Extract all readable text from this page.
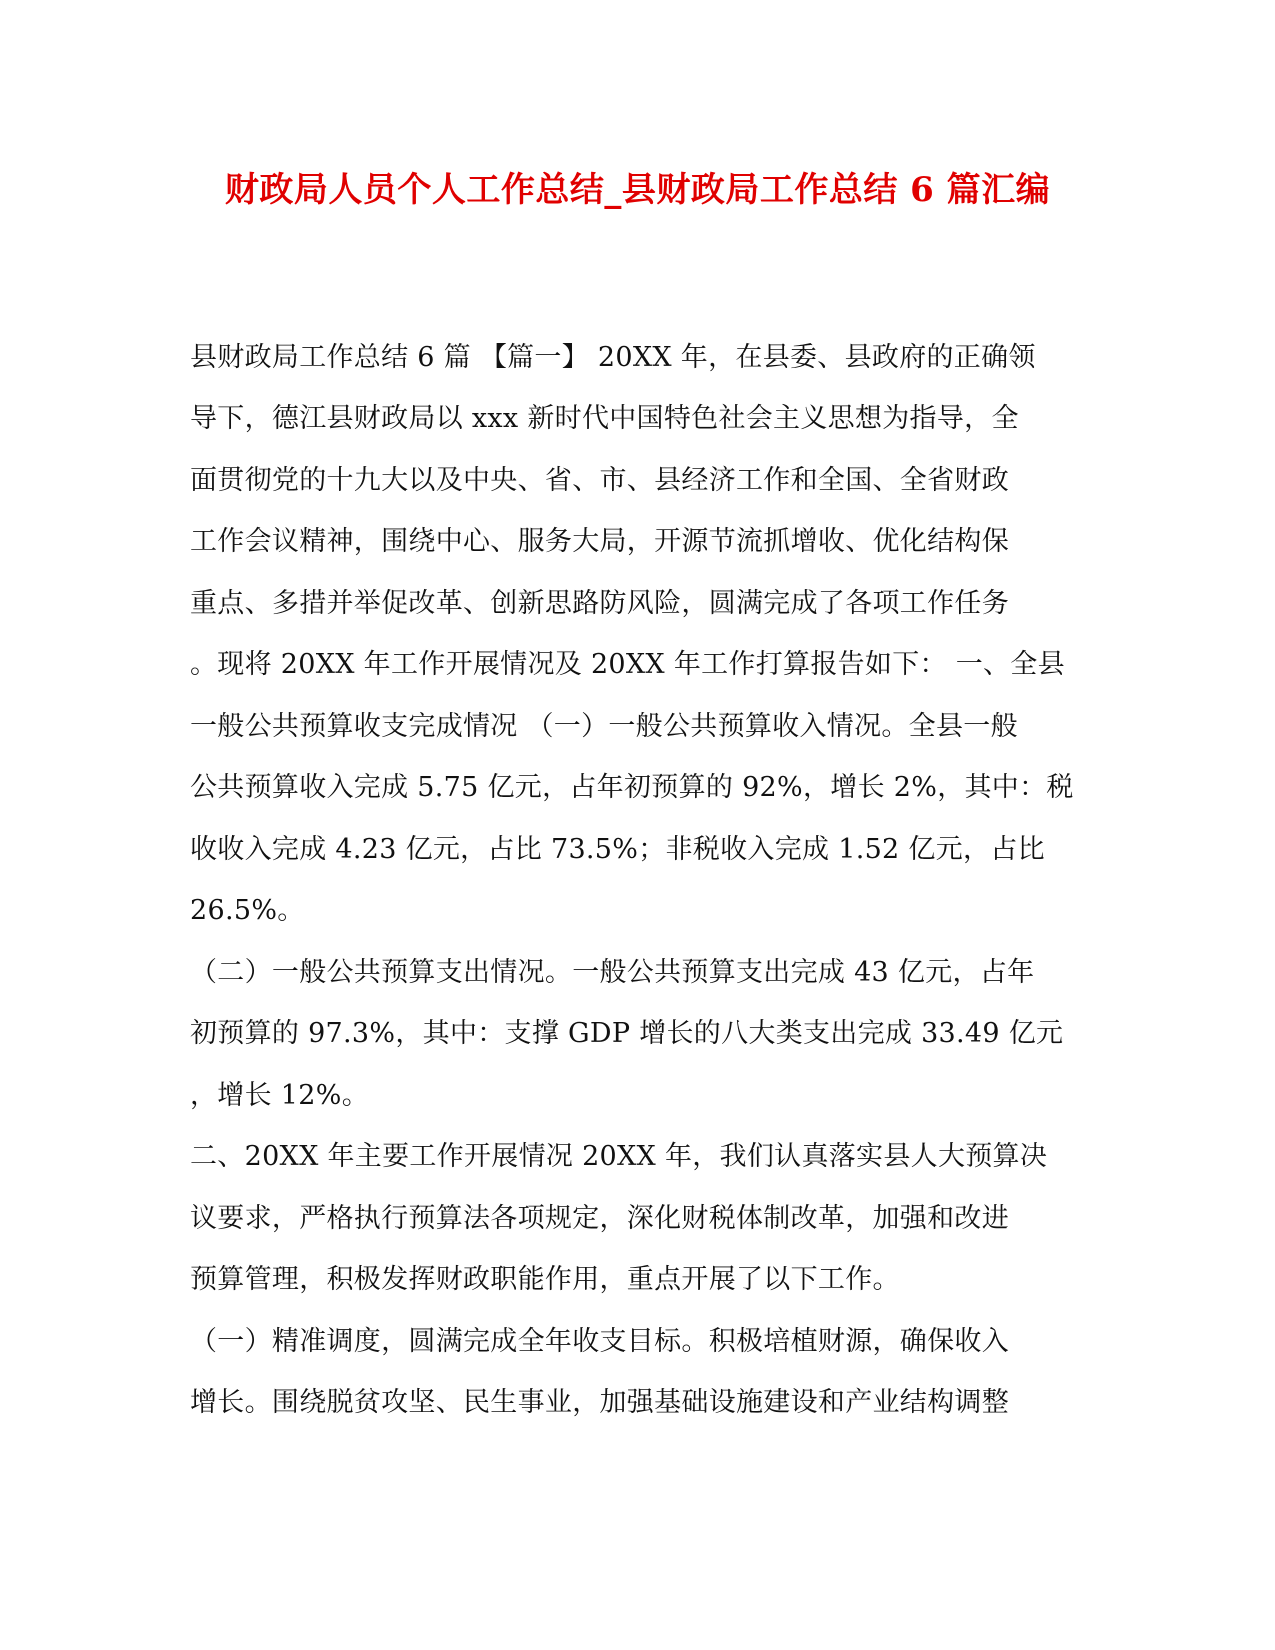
财政局人员个人工作总结_县财政局工作总结 6 篇汇编
县财政局工作总结 6 篇 【篇一】 20XX 年，在县委、县政府的正确领
导下，德江县财政局以 xxx 新时代中国特色社会主义思想为指导，全
面贯彻党的十九大以及中央、省、市、县经济工作和全国、全省财政
工作会议精神，围绕中心、服务大局，开源节流抓增收、优化结构保
重点、多措并举促改革、创新思路防风险，圆满完成了各项工作任务
。现将 20XX 年工作开展情况及 20XX 年工作打算报告如下： 一、全县
一般公共预算收支完成情况 （一）一般公共预算收入情况。全县一般
公共预算收入完成 5.75 亿元，占年初预算的 92%，增长 2%，其中：税
收收入完成 4.23 亿元，占比 73.5%；非税收入完成 1.52 亿元，占比
26.5%。
（二）一般公共预算支出情况。一般公共预算支出完成 43 亿元，占年
初预算的 97.3%，其中：支撑 GDP 增长的八大类支出完成 33.49 亿元
，增长 12%。
二、20XX 年主要工作开展情况 20XX 年，我们认真落实县人大预算决
议要求，严格执行预算法各项规定，深化财税体制改革，加强和改进
预算管理，积极发挥财政职能作用，重点开展了以下工作。
（一）精准调度，圆满完成全年收支目标。积极培植财源，确保收入
增长。围绕脱贫攻坚、民生事业，加强基础设施建设和产业结构调整
